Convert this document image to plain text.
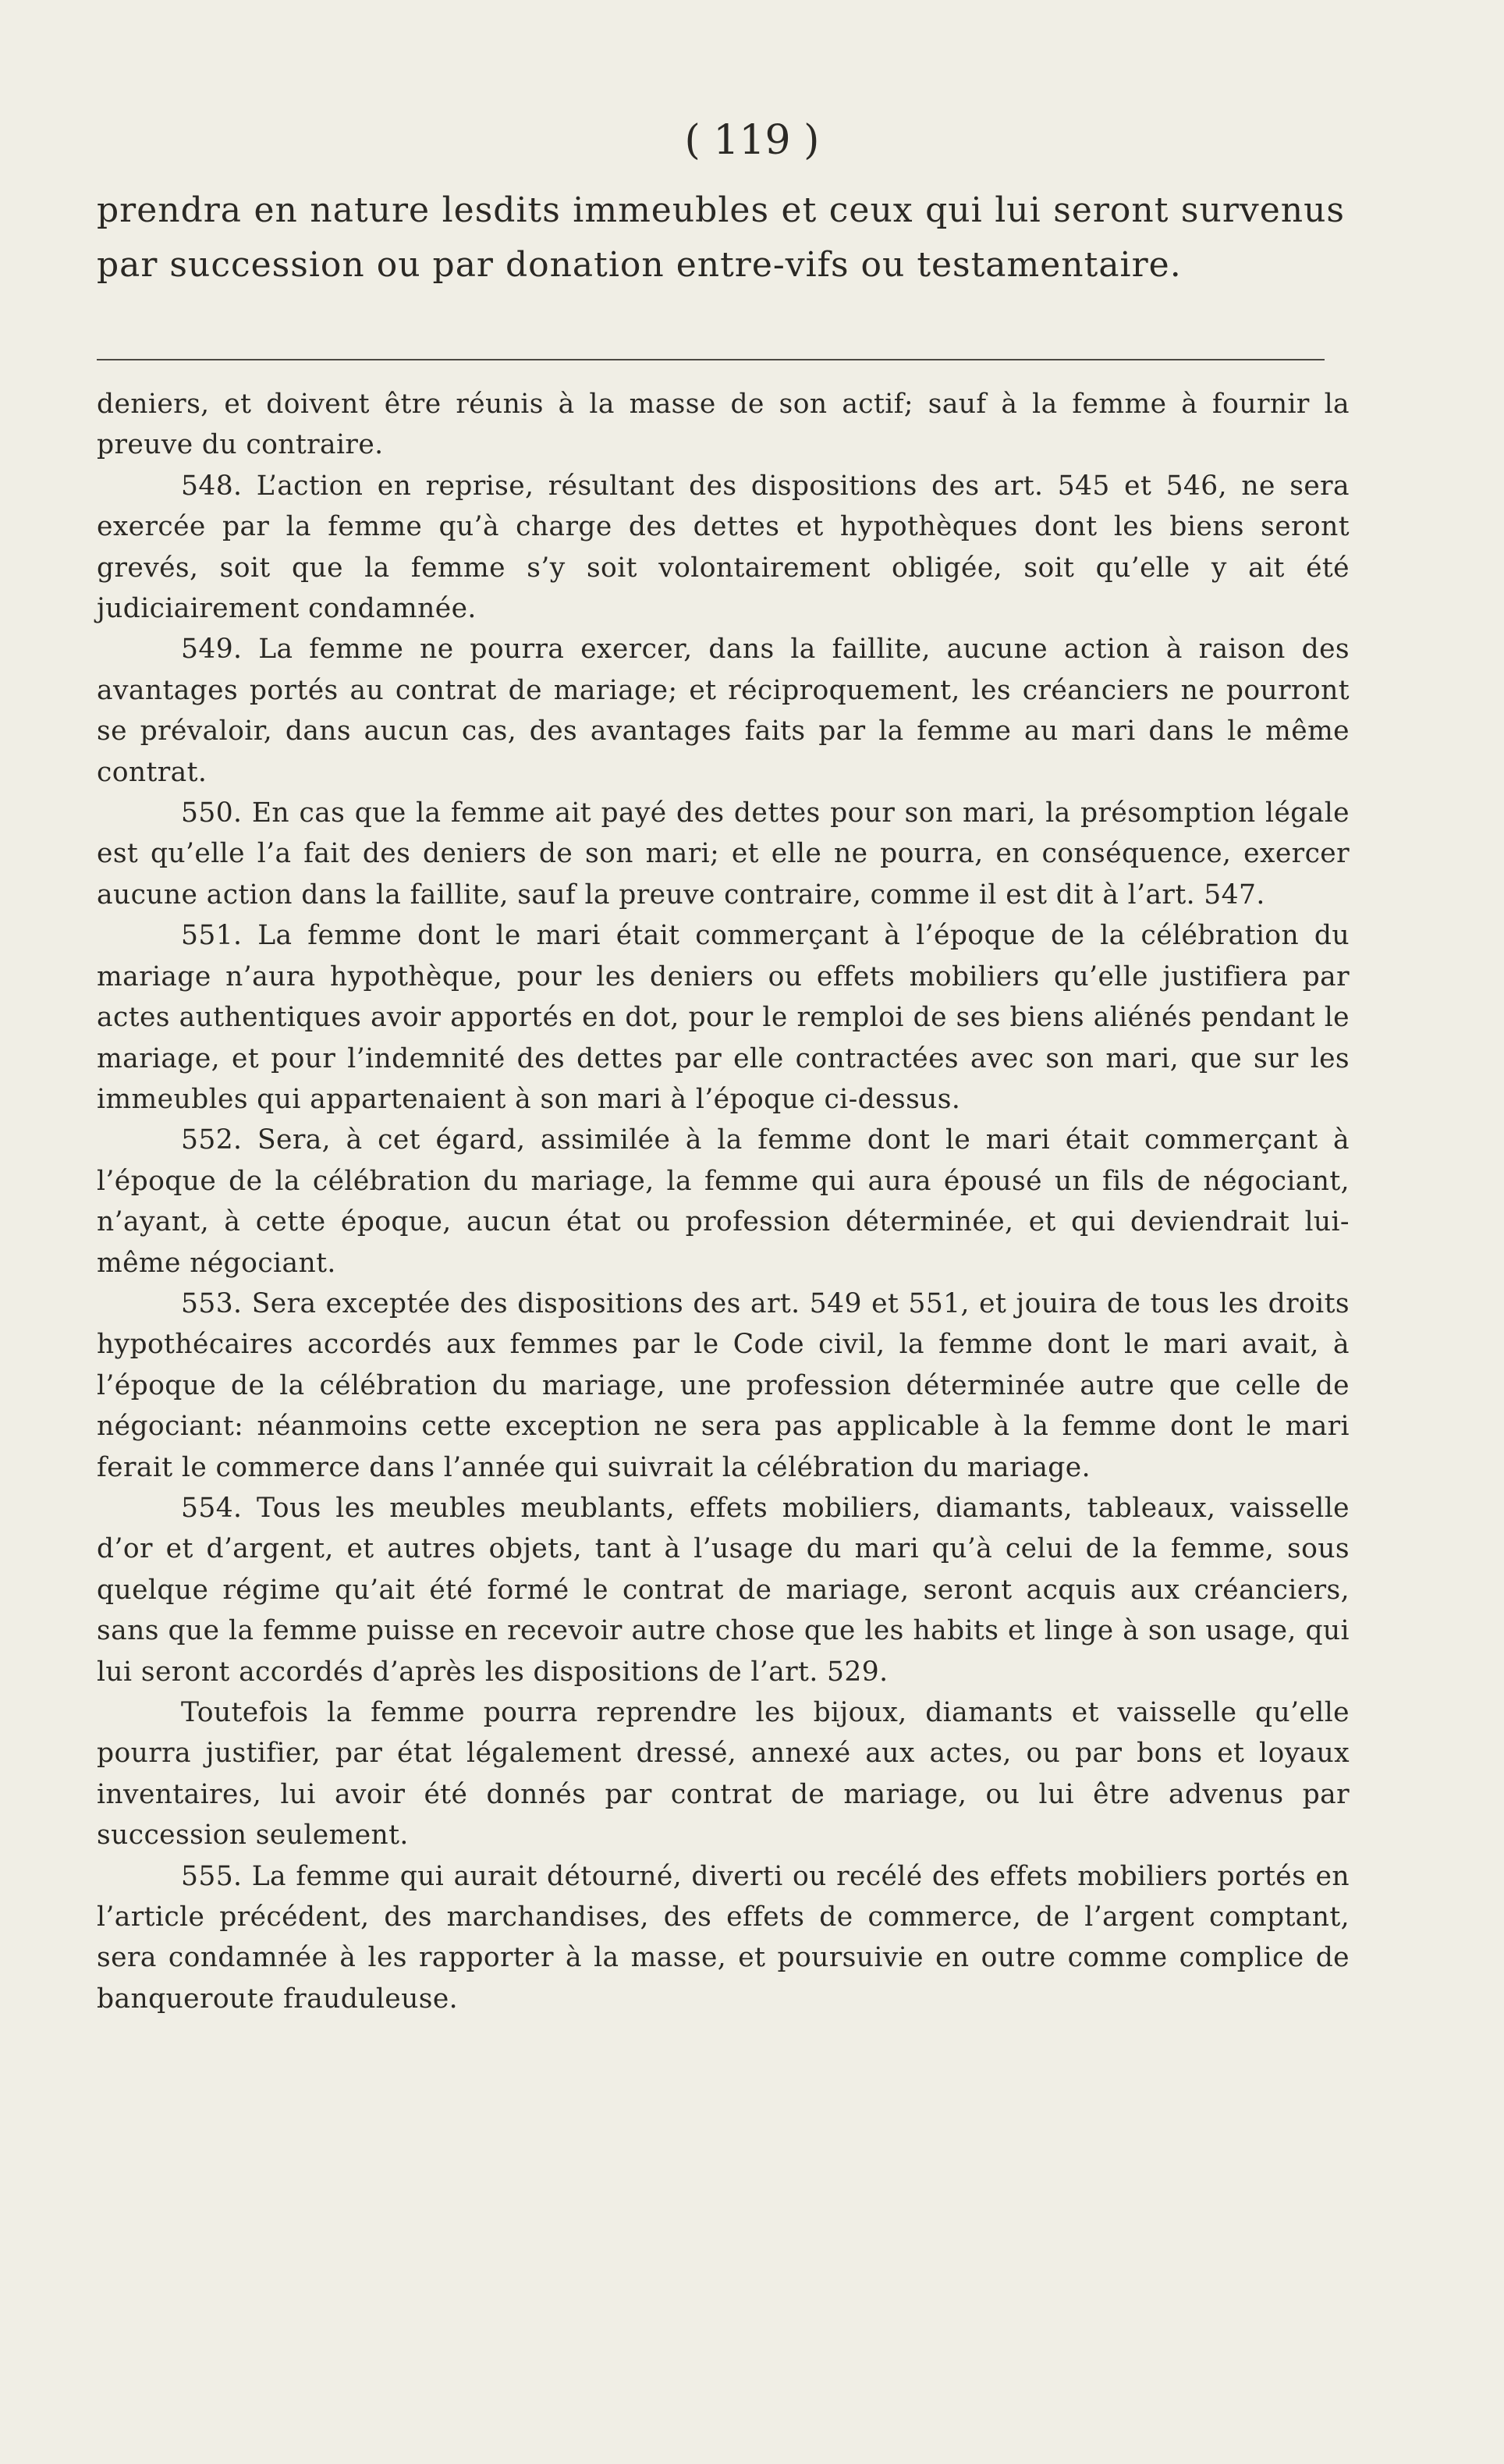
( 119 )
prendra en nature lesdits immeubles et ceux qui lui seront survenus par succession ou par donation entre-vifs ou testamentaire.

deniers, et doivent être réunis à la masse de son actif; sauf à la femme à fournir la preuve du contraire.

548. L’action en reprise, résultant des dispositions des art. 545 et 546, ne sera exercée par la femme qu’à charge des dettes et hypothèques dont les biens seront grevés, soit que la femme s’y soit volontairement obligée, soit qu’elle y ait été judiciairement condamnée.

549. La femme ne pourra exercer, dans la faillite, aucune action à raison des avantages portés au contrat de mariage; et réciproquement, les créanciers ne pourront se prévaloir, dans aucun cas, des avantages faits par la femme au mari dans le même contrat.

550. En cas que la femme ait payé des dettes pour son mari, la présomption légale est qu’elle l’a fait des deniers de son mari; et elle ne pourra, en conséquence, exercer aucune action dans la faillite, sauf la preuve contraire, comme il est dit à l’art. 547.

551. La femme dont le mari était commerçant à l’époque de la célébration du mariage n’aura hypothèque, pour les deniers ou effets mobiliers qu’elle justifiera par actes authentiques avoir apportés en dot, pour le remploi de ses biens aliénés pendant le mariage, et pour l’indemnité des dettes par elle contractées avec son mari, que sur les immeubles qui appartenaient à son mari à l’époque ci-dessus.

552. Sera, à cet égard, assimilée à la femme dont le mari était commerçant à l’époque de la célébration du mariage, la femme qui aura épousé un fils de négociant, n’ayant, à cette époque, aucun état ou profession déterminée, et qui deviendrait lui-même négociant.

553. Sera exceptée des dispositions des art. 549 et 551, et jouira de tous les droits hypothécaires accordés aux femmes par le Code civil, la femme dont le mari avait, à l’époque de la célébration du mariage, une profession déterminée autre que celle de négociant: néanmoins cette exception ne sera pas applicable à la femme dont le mari ferait le commerce dans l’année qui suivrait la célébration du mariage.

554. Tous les meubles meublants, effets mobiliers, diamants, tableaux, vaisselle d’or et d’argent, et autres objets, tant à l’usage du mari qu’à celui de la femme, sous quelque régime qu’ait été formé le contrat de mariage, seront acquis aux créanciers, sans que la femme puisse en recevoir autre chose que les habits et linge à son usage, qui lui seront accordés d’après les dispositions de l’art. 529.

Toutefois la femme pourra reprendre les bijoux, diamants et vaisselle qu’elle pourra justifier, par état légalement dressé, annexé aux actes, ou par bons et loyaux inventaires, lui avoir été donnés par contrat de mariage, ou lui être advenus par succession seulement.

555. La femme qui aurait détourné, diverti ou recélé des effets mobiliers portés en l’article précédent, des marchandises, des effets de commerce, de l’argent comptant, sera condamnée à les rapporter à la masse, et poursuivie en outre comme complice de banqueroute frauduleuse.
